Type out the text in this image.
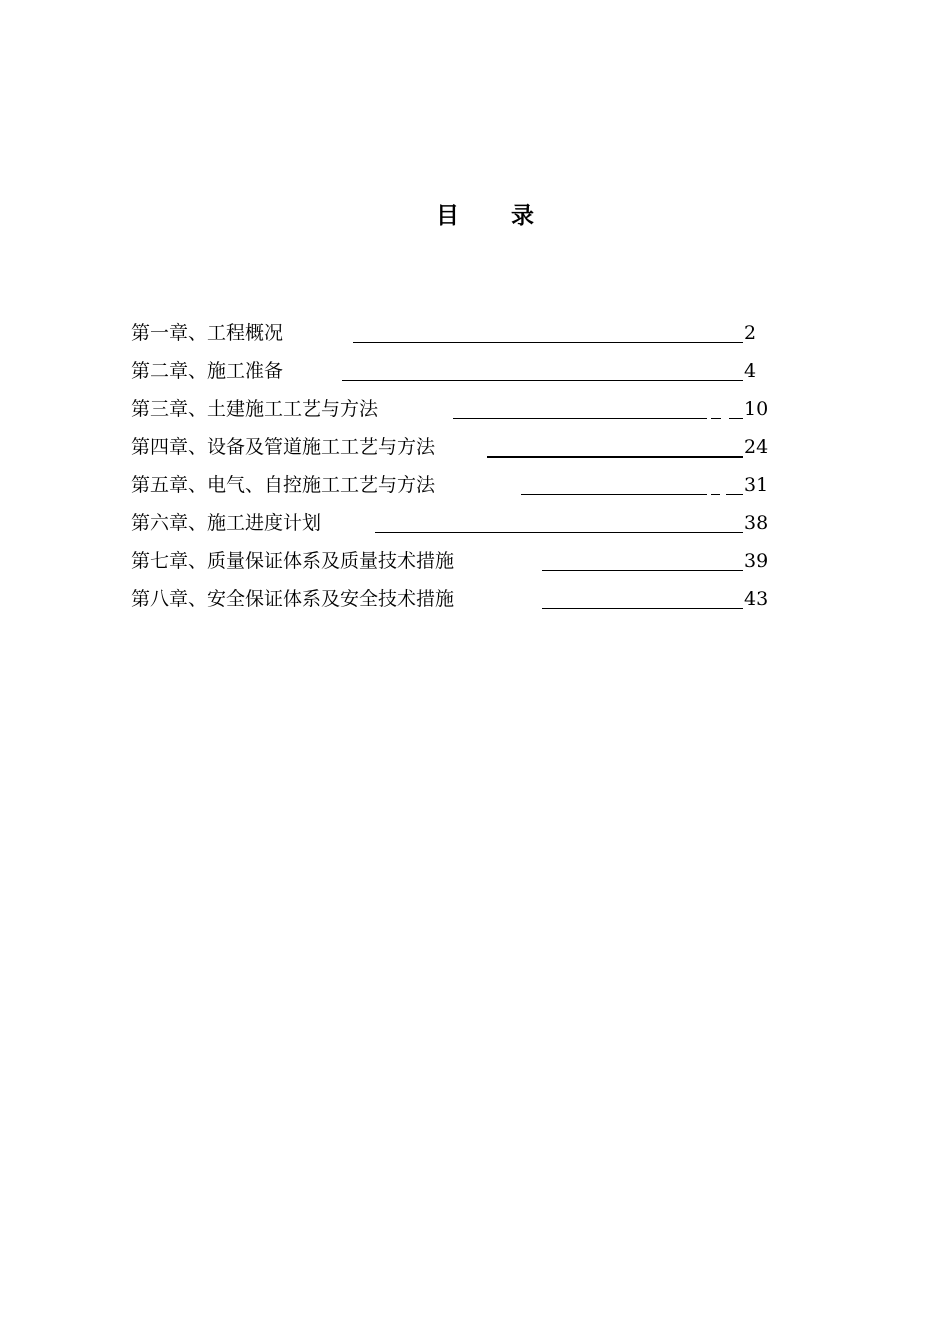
目　　录
第一章、工程概况	2
第二章、施工准备	4
第三章、土建施工工艺与方法	10
第四章、设备及管道施工工艺与方法	24
第五章、电气、自控施工工艺与方法	31
第六章、施工进度计划	38
第七章、质量保证体系及质量技术措施	39
第八章、安全保证体系及安全技术措施	43
